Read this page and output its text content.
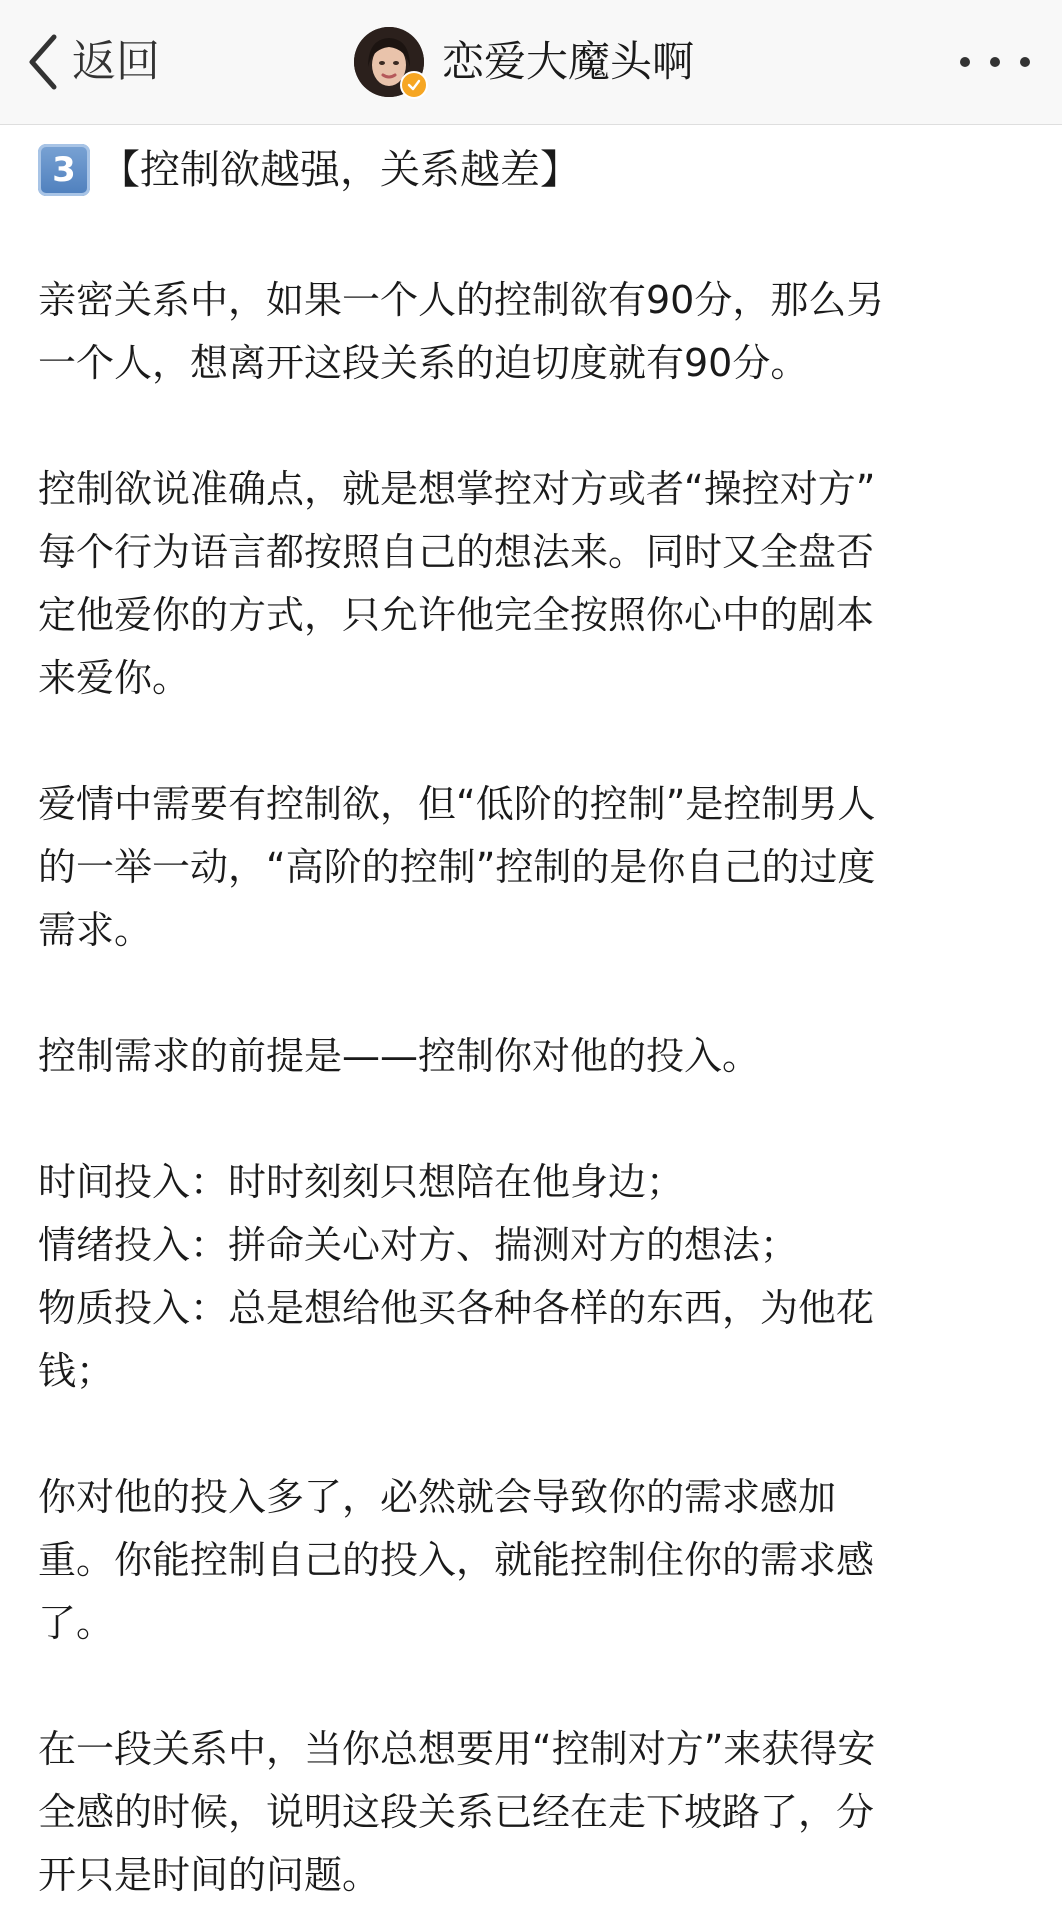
返回	恋爱大魔头啊
3 【控制欲越强，关系越差】

亲密关系中，如果一个人的控制欲有90分，那么另
一个人，想离开这段关系的迫切度就有90分。

控制欲说准确点，就是想掌控对方或者“操控对方”
每个行为语言都按照自己的想法来。同时又全盘否
定他爱你的方式，只允许他完全按照你心中的剧本
来爱你。

爱情中需要有控制欲，但“低阶的控制”是控制男人
的一举一动，“高阶的控制”控制的是你自己的过度
需求。

控制需求的前提是——控制你对他的投入。

时间投入：时时刻刻只想陪在他身边；
情绪投入：拼命关心对方、揣测对方的想法；
物质投入：总是想给他买各种各样的东西，为他花
钱；

你对他的投入多了，必然就会导致你的需求感加
重。你能控制自己的投入，就能控制住你的需求感
了。

在一段关系中，当你总想要用“控制对方”来获得安
全感的时候，说明这段关系已经在走下坡路了，分
开只是时间的问题。
